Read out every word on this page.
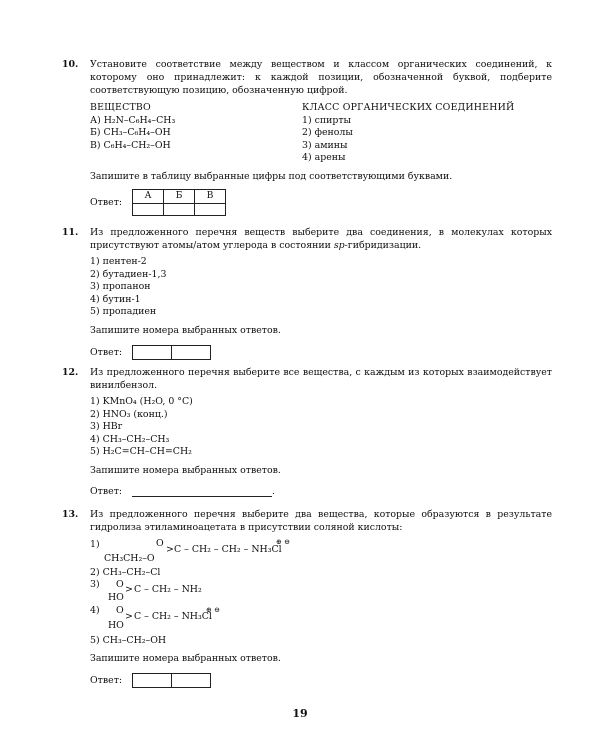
10. Установите соответствие между веществом и классом органических соединений, к которому оно принадлежит: к каждой позиции, обозначенной буквой, подберите соответствующую позицию, обозначенную цифрой.
ВЕЩЕСТВО
А) H₂N–C₆H₄–CH₃
Б) CH₃–C₆H₄–OH
В) C₆H₄–CH₂–OH
КЛАСС ОРГАНИЧЕСКИХ СОЕДИНЕНИЙ
1) спирты
2) фенолы
3) амины
4) арены
Запишите в таблицу выбранные цифры под соответствующими буквами.
Ответ:
А	Б	В

11. Из предложенного перечня веществ выберите два соединения, в молекулах которых присутствуют атомы/атом углерода в состоянии sp-гибридизации.
1) пентен-2
2) бутадиен-1,3
3) пропанон
4) бутин-1
5) пропадиен
Запишите номера выбранных ответов.
Ответ:
12. Из предложенного перечня выберите все вещества, с каждым из которых взаимодействует винилбензол.
1) KMnO₄ (H₂O, 0 °C)
2) HNO₃ (конц.)
3) HBr
4) CH₃–CH₂–CH₃
5) H₂C=CH–CH=CH₂
Запишите номера выбранных ответов.
Ответ:	.
13. Из предложенного перечня выберите два вещества, которые образуются в результате гидролиза этиламиноацетата в присутствии соляной кислоты:
1)	O
> C – CH₂ – CH₂ – NH₃Cl
⊕ ⊖
CH₃CH₂–O
2) CH₃–CH₂–Cl
3) O > C – CH₂ – NH₂
HO
4) O
> C – CH₂ – NH₃Cl
⊕ ⊖
HO
5) CH₃–CH₂–OH
Запишите номера выбранных ответов.
Ответ:
19
